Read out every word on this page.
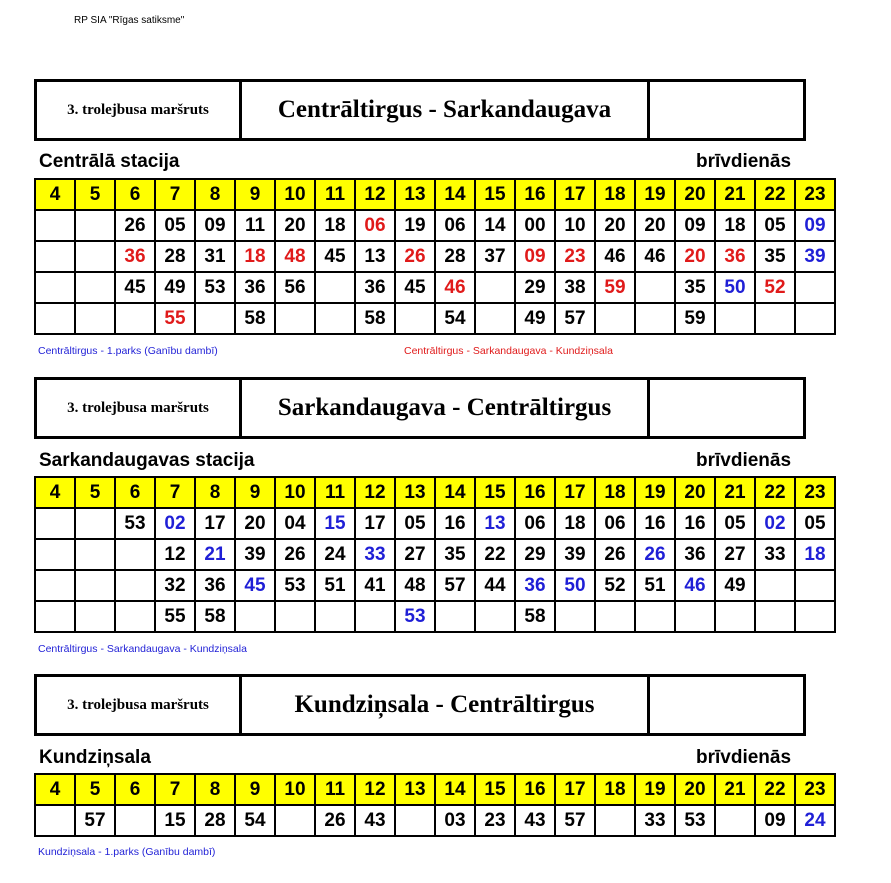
RP SIA "Rīgas satiksme"
3. trolejbusa maršruts	Centrāltirgus - Sarkandaugava
Centrālā stacija	brīvdienās
4	5	6	7	8	9	10	11	12	13	14	15	16	17	18	19	20	21	22	23
		26	05	09	11	20	18	06	19	06	14	00	10	20	20	09	18	05	09
		36	28	31	18	48	45	13	26	28	37	09	23	46	46	20	36	35	39
		45	49	53	36	56		36	45	46		29	38	59		35	50	52	
			55		58			58		54		49	57			59			
Centrāltirgus - 1.parks (Ganību dambī)	Centrāltirgus - Sarkandaugava - Kundziņsala
3. trolejbusa maršruts	Sarkandaugava - Centrāltirgus
Sarkandaugavas stacija	brīvdienās
4	5	6	7	8	9	10	11	12	13	14	15	16	17	18	19	20	21	22	23
		53	02	17	20	04	15	17	05	16	13	06	18	06	16	16	05	02	05
			12	21	39	26	24	33	27	35	22	29	39	26	26	36	27	33	18
			32	36	45	53	51	41	48	57	44	36	50	52	51	46	49		
			55	58					53			58							
Centrāltirgus - Sarkandaugava - Kundziņsala
3. trolejbusa maršruts	Kundziņsala - Centrāltirgus
Kundziņsala	brīvdienās
4	5	6	7	8	9	10	11	12	13	14	15	16	17	18	19	20	21	22	23
	57		15	28	54		26	43		03	23	43	57		33	53		09	24
Kundziņsala - 1.parks (Ganību dambī)
